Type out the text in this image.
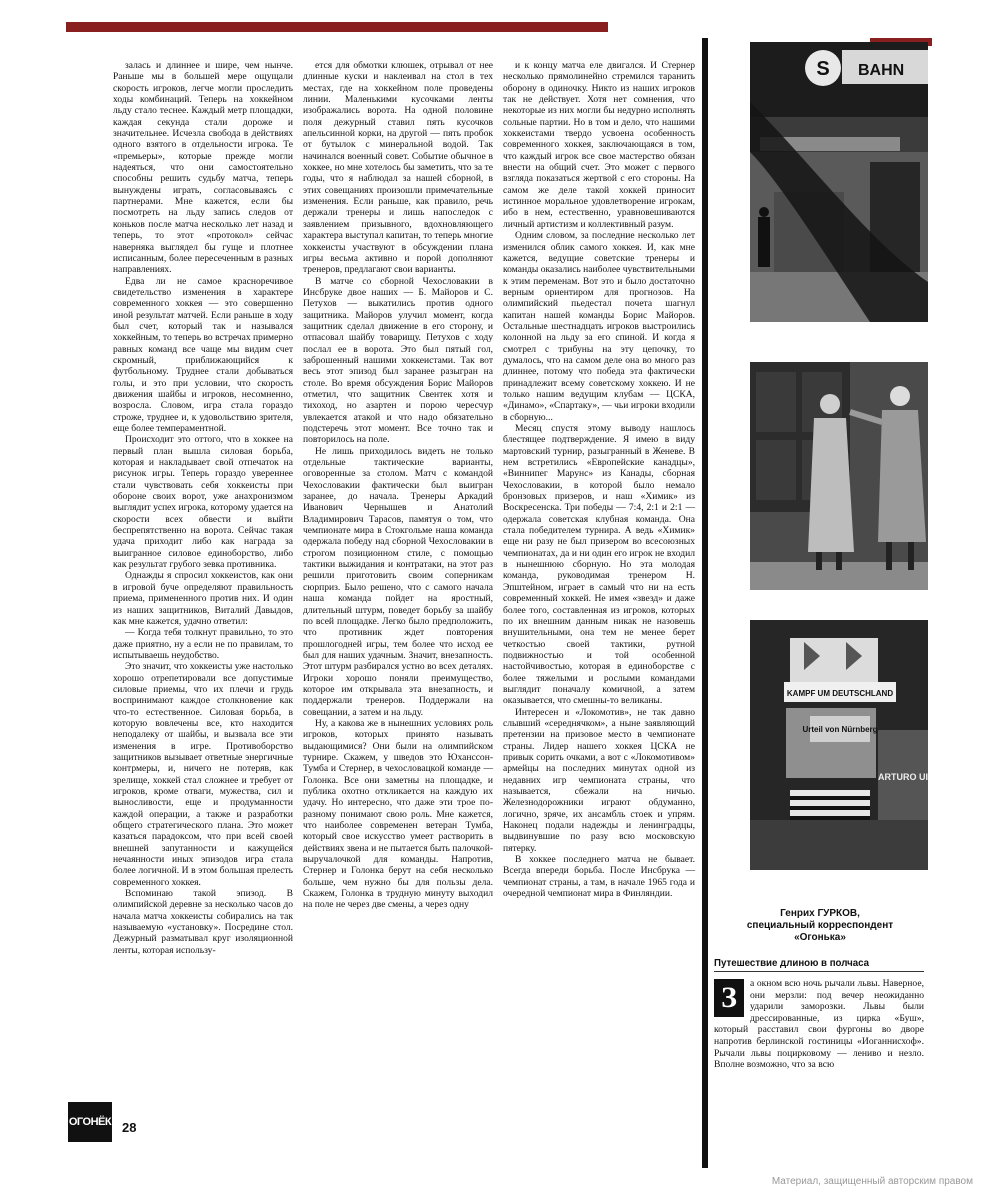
залась и длиннее и шире, чем нынче. Раньше мы в большей мере ощущали скорость игроков, легче могли проследить ходы комбинаций. Теперь на хоккейном льду стало теснее. Каждый метр площадки, каждая секунда стали дороже и значительнее. Исчезла свобода в действиях одного взятого в отдельности игрока. Те «премьеры», которые прежде могли надеяться, что они самостоятельно способны решить судьбу матча, теперь вынуждены играть, согласовываясь с партнерами. Мне кажется, если бы посмотреть на льду запись следов от коньков после матча несколько лет назад и теперь, то этот «протокол» сейчас наверняка выглядел бы гуще и плотнее исписанным, более пересеченным в разных направлениях.

Едва ли не самое красноречивое свидетельство изменения в характере современного хоккея — это совершенно иной результат матчей. Если раньше в ходу был счет, который так и назывался хоккейным, то теперь во встречах примерно равных команд все чаще мы видим счет скромный, приближающийся к футбольному. Труднее стали добываться голы, и это при условии, что скорость движения шайбы и игроков, несомненно, возросла. Словом, игра стала гораздо строже, труднее и, к удовольствию зрителя, еще более темпераментной.

Происходит это оттого, что в хоккее на первый план вышла силовая борьба, которая и накладывает свой отпечаток на рисунок игры. Теперь гораздо увереннее стали чувствовать себя хоккеисты при обороне своих ворот, уже анахронизмом выглядит успех игрока, которому удается на скорости всех обвести и выйти беспрепятственно на ворота. Сейчас такая удача приходит либо как награда за выигранное силовое единоборство, либо как результат грубого зевка противника.

Однажды я спросил хоккеистов, как они в игровой буче определяют правильность приема, примененного против них. И один из наших защитников, Виталий Давыдов, как мне кажется, удачно ответил:

— Когда тебя толкнут правильно, то это даже приятно, ну а если не по правилам, то испытываешь неудобство.

Это значит, что хоккеисты уже настолько хорошо отрепетировали все допустимые силовые приемы, что их плечи и грудь воспринимают каждое столкновение как что-то естественное. Силовая борьба, в которую вовлечены все, кто находится неподалеку от шайбы, и вызвала все эти изменения в игре. Противоборство защитников вызывает ответные энергичные контрмеры, и, ничего не потеряв, как зрелище, хоккей стал сложнее и требует от игроков, кроме отваги, мужества, сил и выносливости, еще и продуманности каждой операции, а также и разработки общего стратегического плана. Это может казаться парадоксом, что при всей своей внешней запутанности и кажущейся нечаянности иных эпизодов игра стала более логичной. И в этом большая прелесть современного хоккея.

Вспоминаю такой эпизод. В олимпийской деревне за несколько часов до начала матча хоккеисты собирались на так называемую «установку». Посредине стол. Дежурный разматывал круг изоляционной ленты, которая использу-

ется для обмотки клюшек, отрывал от нее длинные куски и наклеивал на стол в тех местах, где на хоккейном поле проведены линии. Маленькими кусочками ленты изображались ворота. На одной половине поля дежурный ставил пять кусочков апельсинной корки, на другой — пять пробок от бутылок с минеральной водой. Так начинался военный совет. Событие обычное в хоккее, но мне хотелось бы заметить, что за те годы, что я наблюдал за нашей сборной, в этих совещаниях произошли примечательные изменения. Если раньше, как правило, речь держали тренеры и лишь напоследок с заявлением призывного, вдохновляющего характера выступал капитан, то теперь многие хоккеисты участвуют в обсуждении плана игры весьма активно и порой дополняют тренеров, предлагают свои варианты.

В матче со сборной Чехословакии в Инсбруке двое наших — Б. Майоров и С. Петухов — выкатились против одного защитника. Майоров улучил момент, когда защитник сделал движение в его сторону, и отпасовал шайбу товарищу. Петухов с ходу послал ее в ворота. Это был пятый гол, заброшенный нашими хоккеистами. Так вот весь этот эпизод был заранее разыгран на столе. Во время обсуждения Борис Майоров отметил, что защитник Свентек хотя и тихоход, но азартен и порою чересчур увлекается атакой и что надо обязательно подстеречь этот момент. Все точно так и повторилось на поле.

Не лишь приходилось видеть не только отдельные тактические варианты, оговоренные за столом. Матч с командой Чехословакии фактически был выигран заранее, до начала. Тренеры Аркадий Иванович Чернышев и Анатолий Владимирович Тарасов, памятуя о том, что чемпионате мира в Стокгольме наша команда одержала победу над сборной Чехословакии в строгом позиционном стиле, с помощью тактики выжидания и контратаки, на этот раз решили приготовить своим соперникам сюрприз. Было решено, что с самого начала наша команда пойдет на яростный, длительный штурм, поведет борьбу за шайбу по всей площадке. Легко было предположить, что противник ждет повторения прошлогодней игры, тем более что исход ее был для наших удачным. Значит, внезапность. Этот штурм разбирался устно во всех деталях. Игроки хорошо поняли преимущество, которое им открывала эта внезапность, и поддержали тренеров. Поддержали на совещании, а затем и на льду.

Ну, а какова же в нынешних условиях роль игроков, которых принято называть выдающимися? Они были на олимпийском турнире. Скажем, у шведов это Юханссон-Тумба и Стернер, в чехословацкой команде — Голонка. Все они заметны на площадке, и публика охотно откликается на каждую их удачу. Но интересно, что даже эти трое по-разному понимают свою роль. Мне кажется, что наиболее современен ветеран Тумба, который свое искусство умеет растворить в действиях звена и не пытается быть палочкой-выручалочкой для команды. Напротив, Стернер и Голонка берут на себя несколько больше, чем нужно бы для пользы дела. Скажем, Голонка в трудную минуту выходил на поле не через две смены, а через одну

и к концу матча еле двигался. И Стернер несколько прямолинейно стремился таранить оборону в одиночку. Никто из наших игроков так не действует. Хотя нет сомнения, что некоторые из них могли бы недурно исполнять сольные партии. Но в том и дело, что нашими хоккеистами твердо усвоена особенность современного хоккея, заключающаяся в том, что каждый игрок все свое мастерство обязан внести на общий счет. Это может с первого взгляда показаться жертвой с его стороны. На самом же деле такой хоккей приносит истинное моральное удовлетворение игрокам, ибо в нем, естественно, уравновешиваются личный артистизм и коллективный разум.

Одним словом, за последние несколько лет изменился облик самого хоккея. И, как мне кажется, ведущие советские тренеры и команды оказались наиболее чувствительными к этим переменам. Вот это и было достаточно верным ориентиром для прогнозов. На олимпийский пьедестал почета шагнул капитан нашей команды Борис Майоров. Остальные шестнадцать игроков выстроились колонной на льду за его спиной. И когда я смотрел с трибуны на эту цепочку, то думалось, что на самом деле она во много раз длиннее, потому что победа эта фактически принадлежит всему советскому хоккею. И не только нашим ведущим клубам — ЦСКА, «Динамо», «Спартаку», — чьи игроки входили в сборную...

Месяц спустя этому выводу нашлось блестящее подтверждение. Я имею в виду мартовский турнир, разыгранный в Женеве. В нем встретились «Европейские канадцы», «Виннипег Марунс» из Канады, сборная Чехословакии, в которой было немало бронзовых призеров, и наш «Химик» из Воскресенска. Три победы — 7:4, 2:1 и 2:1 — одержала советская клубная команда. Она стала победителем турнира. А ведь «Химик» еще ни разу не был призером во всесоюзных чемпионатах, да и ни один его игрок не входил в нынешнюю сборную. Но эта молодая команда, руководимая тренером Н. Эпштейном, играет в самый что ни на есть современный хоккей. Не имея «звезд» и даже более того, составленная из игроков, которых по их внешним данным никак не назовешь внушительными, она тем не менее берет четкостью своей тактики, рутной подвижностью и той особенной настойчивостью, которая в единоборстве с более тяжелыми и рослыми командами выглядит поначалу комичной, а затем оказывается, что смешны-то великаны.

Интересен и «Локомотив», не так давно слывший «середнячком», а ныне заявляющий претензии на призовое место в чемпионате страны. Лидер нашего хоккея ЦСКА не привык сорить очками, а вот с «Локомотивом» армейцы на последних минутах одной из недавних игр чемпионата страны, что называется, сбежали на ничью. Железнодорожники играют обдуманно, логично, зряче, их ансамбль стоек и упрям. Наконец подали надежды и ленинградцы, выдвинувшие по разу всю московскую пятерку.

В хоккее последнего матча не бывает. Всегда впереди борьба. После Инсбрука — чемпионат страны, а там, в начале 1965 года и очередной чемпионат мира в Финляндии.

S BAHN
KAMPF UM DEUTSCHLAND
Urteil von Nürnberg
ARTURO UI
Генрих ГУРКОВ,
специальный корреспондент
«Огонька»
Путешествие длиною в полчаса
З	а окном всю ночь рычали львы. Наверное, они мерзли: под вечер неожиданно ударили заморозки. Львы были дрессированные, из цирка «Буш», который расставил свои фургоны во дворе напротив берлинской гостиницы «Иоганнисхоф». Рычали львы поцирковому — лениво и незло. Вполне возможно, что за всю
ОГОНЁК 28
Материал, защищенный авторским правом
